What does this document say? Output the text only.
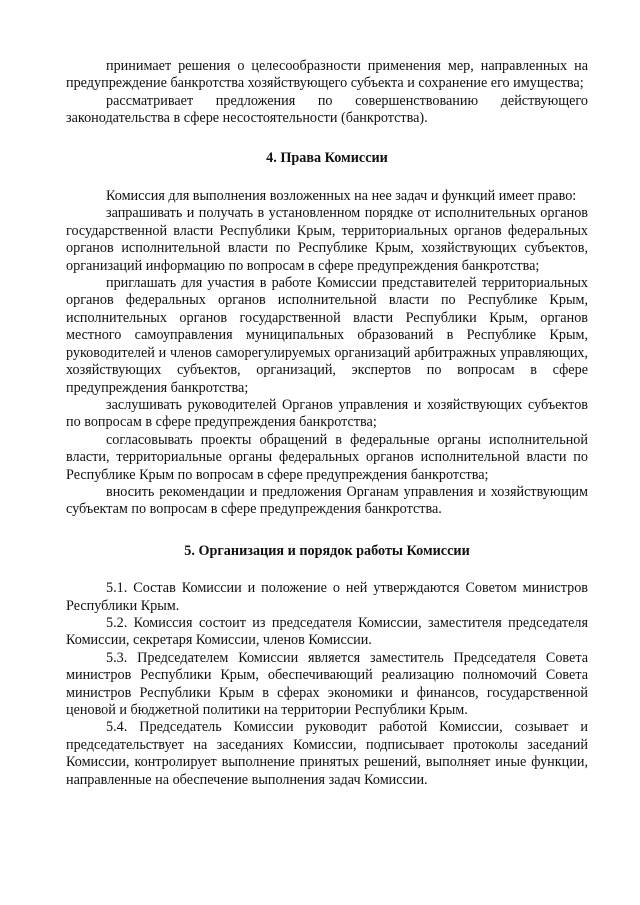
принимает решения о целесообразности применения мер, направленных на предупреждение банкротства хозяйствующего субъекта и сохранение его имущества;

рассматривает предложения по совершенствованию действующего законодательства в сфере несостоятельности (банкротства).

4. Права Комиссии

Комиссия для выполнения возложенных на нее задач и функций имеет право:

запрашивать и получать в установленном порядке от исполнительных органов государственной власти Республики Крым, территориальных органов федеральных органов исполнительной власти по Республике Крым, хозяйствующих субъектов, организаций информацию по вопросам в сфере предупреждения банкротства;

приглашать для участия в работе Комиссии представителей территориальных органов федеральных органов исполнительной власти по Республике Крым, исполнительных органов государственной власти Республики Крым, органов местного самоуправления муниципальных образований в Республике Крым, руководителей и членов саморегулируемых организаций арбитражных управляющих, хозяйствующих субъектов, организаций, экспертов по вопросам в сфере предупреждения банкротства;

заслушивать руководителей Органов управления и хозяйствующих субъектов по вопросам в сфере предупреждения банкротства;

согласовывать проекты обращений в федеральные органы исполнительной власти, территориальные органы федеральных органов исполнительной власти по Республике Крым по вопросам в сфере предупреждения банкротства;

вносить рекомендации и предложения Органам управления и хозяйствующим субъектам по вопросам в сфере предупреждения банкротства.

5. Организация и порядок работы Комиссии

5.1. Состав Комиссии и положение о ней утверждаются Советом министров Республики Крым.

5.2. Комиссия состоит из председателя Комиссии, заместителя председателя Комиссии, секретаря Комиссии, членов Комиссии.

5.3. Председателем Комиссии является заместитель Председателя Совета министров Республики Крым, обеспечивающий реализацию полномочий Совета министров Республики Крым в сферах экономики и финансов, государственной ценовой и бюджетной политики на территории Республики Крым.

5.4. Председатель Комиссии руководит работой Комиссии, созывает и председательствует на заседаниях Комиссии, подписывает протоколы заседаний Комиссии, контролирует выполнение принятых решений, выполняет иные функции, направленные на обеспечение выполнения задач Комиссии.
